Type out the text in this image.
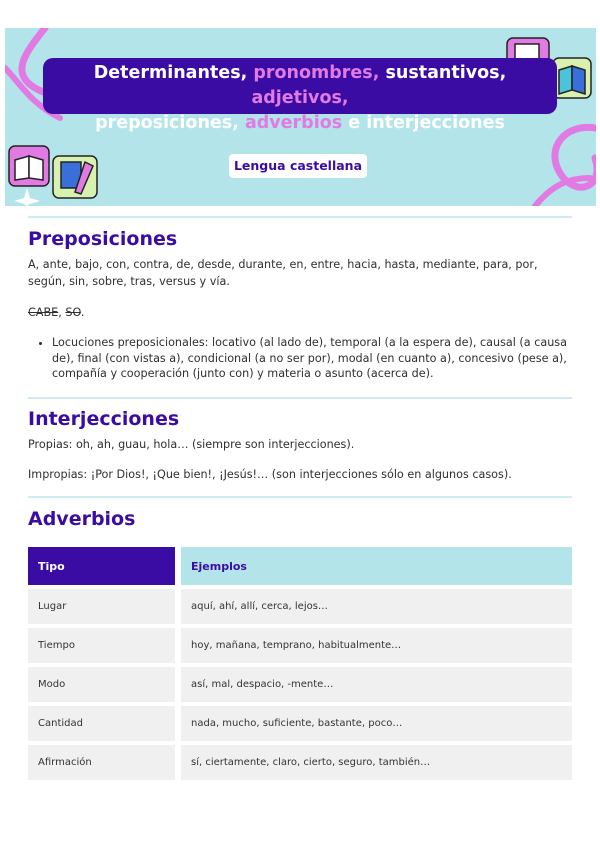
Determinantes, pronombres, sustantivos, adjetivos,
preposiciones, adverbios e interjecciones
Lengua castellana
Preposiciones

A, ante, bajo, con, contra, de, desde, durante, en, entre, hacia, hasta, mediante, para, por, según, sin, sobre, tras, versus y vía.

CABE, SO.

• Locuciones preposicionales: locativo (al lado de), temporal (a la espera de), causal (a causa de), final (con vistas a), condicional (a no ser por), modal (en cuanto a), concesivo (pese a), compañía y cooperación (junto con) y materia o asunto (acerca de).
Interjecciones

Propias: oh, ah, guau, hola… (siempre son interjecciones).

Impropias: ¡Por Dios!, ¡Que bien!, ¡Jesús!… (son interjecciones sólo en algunos casos).

Adverbios
Tipo	Ejemplos
Lugar	aquí, ahí, allí, cerca, lejos…
Tiempo	hoy, mañana, temprano, habitualmente…
Modo	así, mal, despacio, -mente…
Cantidad	nada, mucho, suficiente, bastante, poco…
Afirmación	sí, ciertamente, claro, cierto, seguro, también…
